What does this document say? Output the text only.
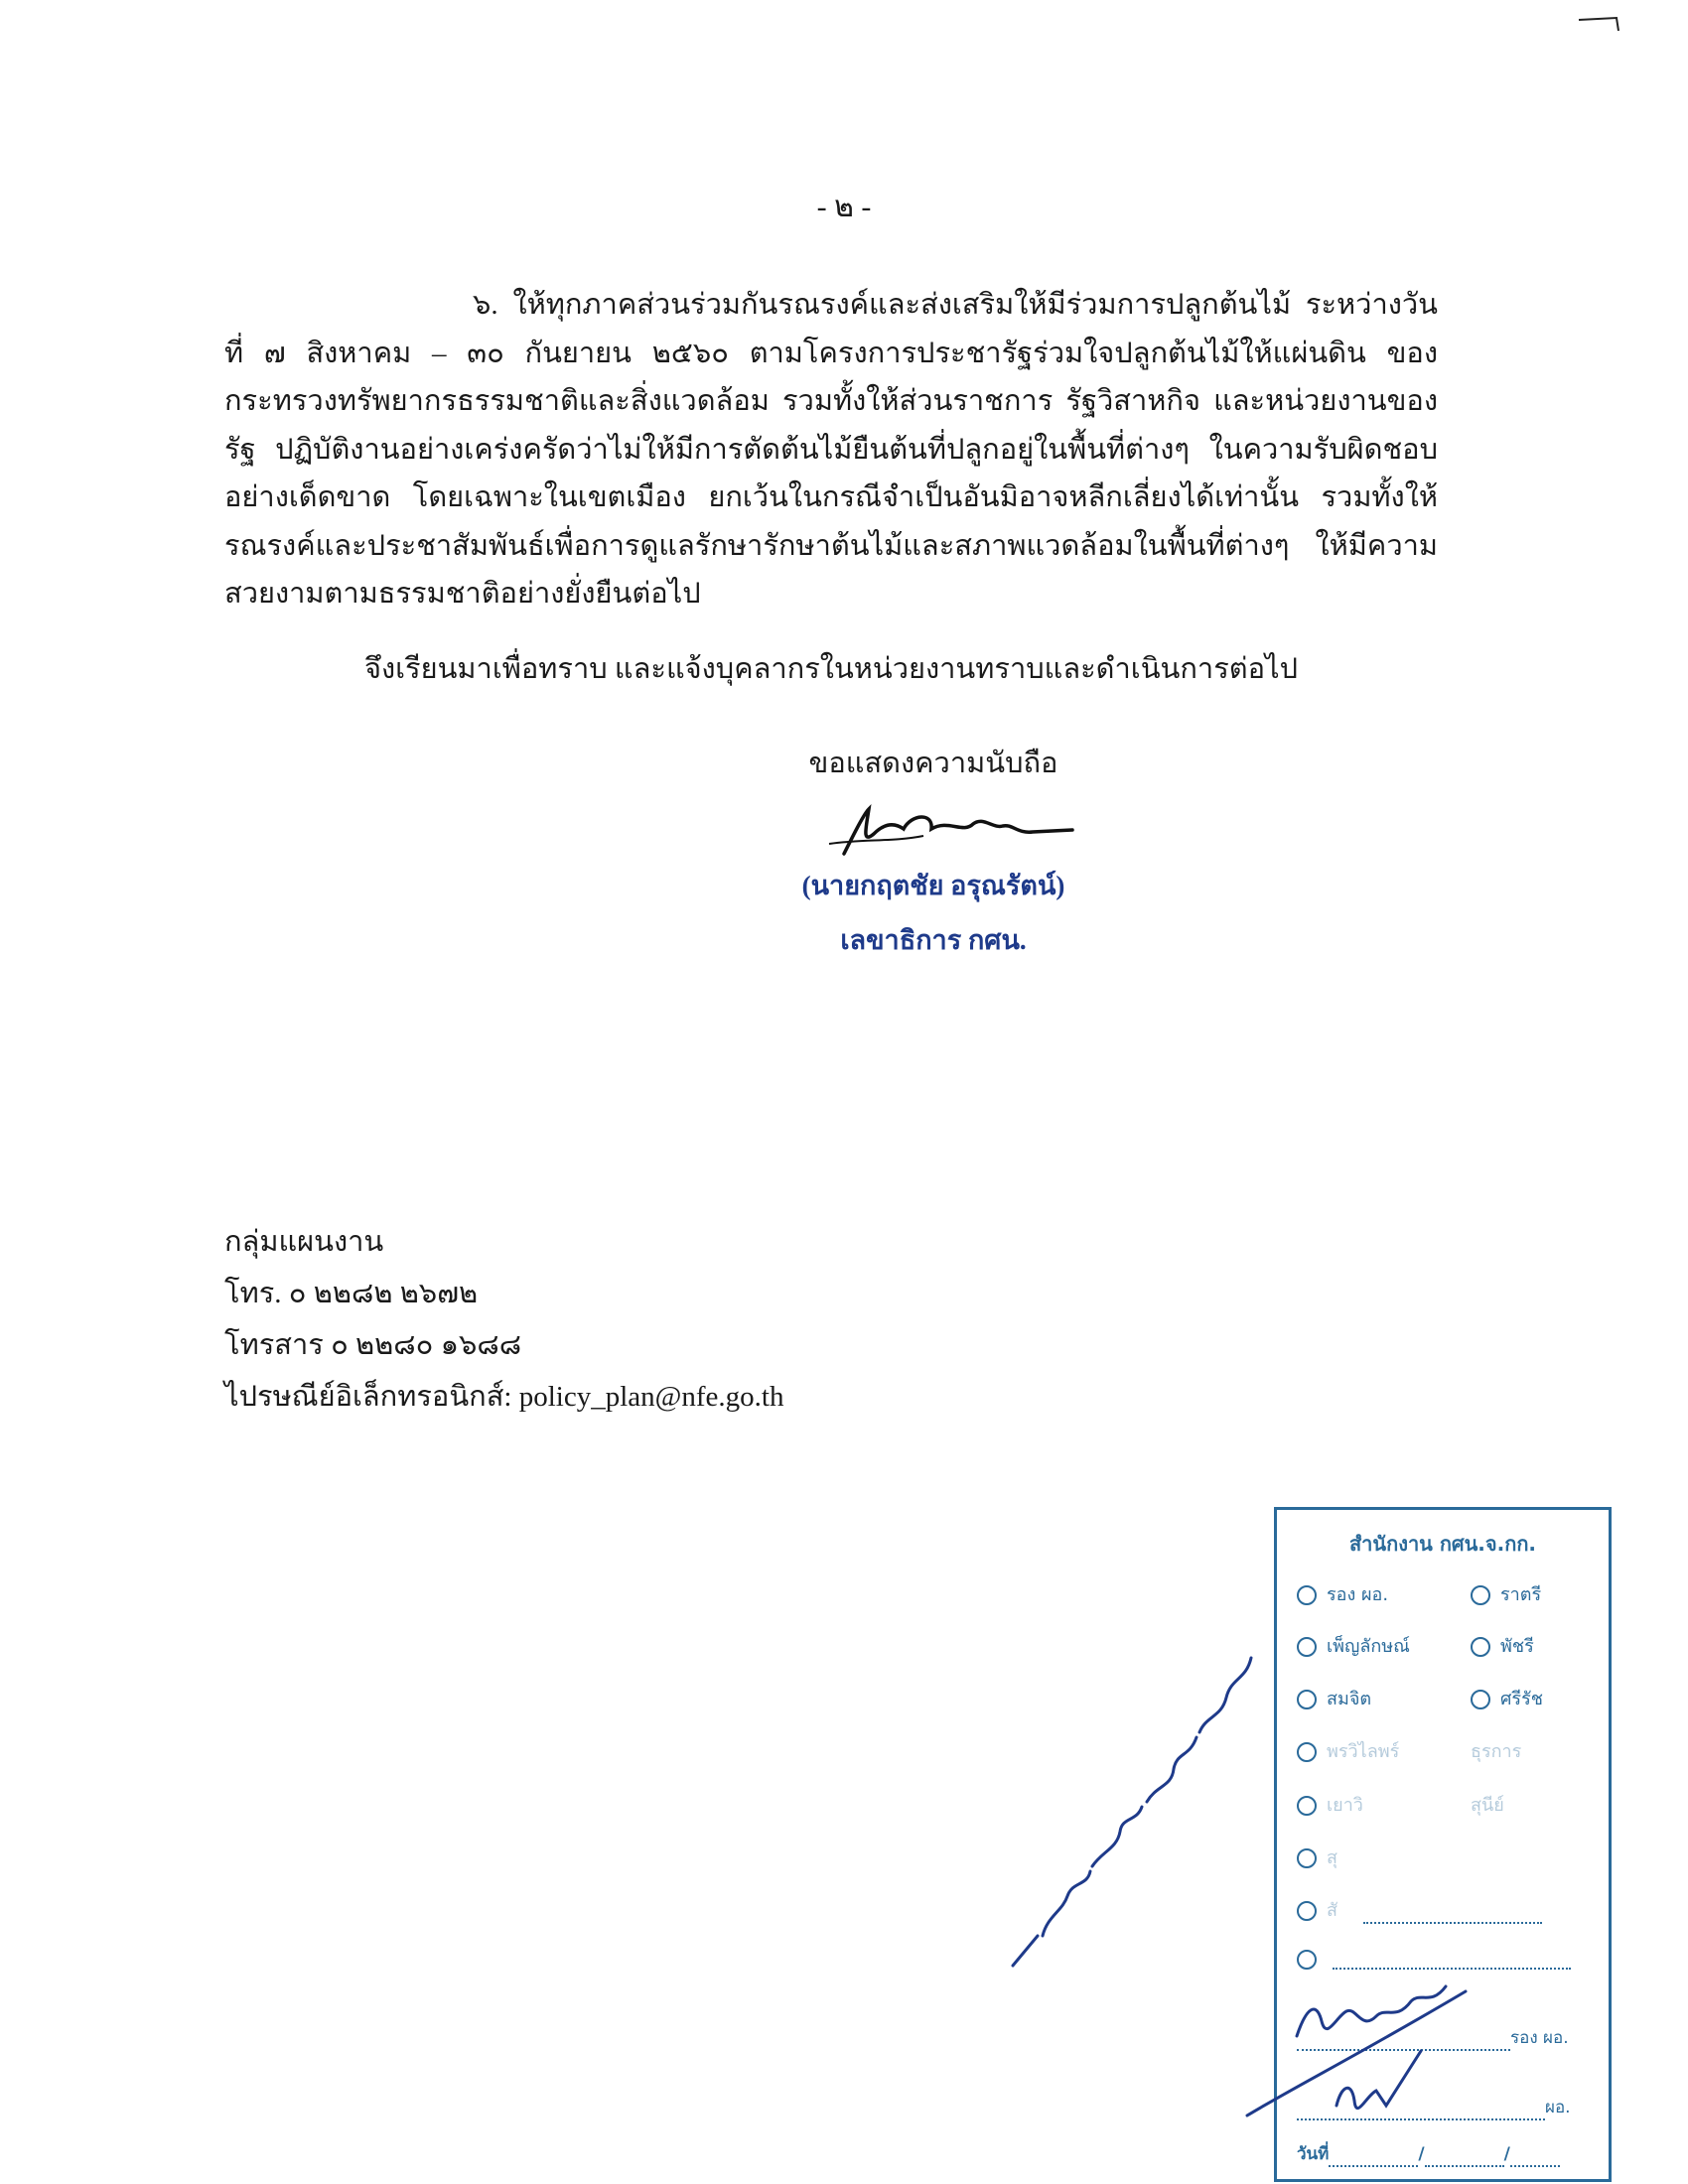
- ๒ -
๖. ให้ทุกภาคส่วนร่วมกันรณรงค์และส่งเสริมให้มีร่วมการปลูกต้นไม้ ระหว่างวันที่ ๗ สิงหาคม – ๓๐ กันยายน ๒๕๖๐ ตามโครงการประชารัฐร่วมใจปลูกต้นไม้ให้แผ่นดิน ของกระทรวงทรัพยากรธรรมชาติและสิ่งแวดล้อม รวมทั้งให้ส่วนราชการ รัฐวิสาหกิจ และหน่วยงานของรัฐ ปฏิบัติงานอย่างเคร่งครัดว่าไม่ให้มีการตัดต้นไม้ยืนต้นที่ปลูกอยู่ในพื้นที่ต่างๆ ในความรับผิดชอบอย่างเด็ดขาด โดยเฉพาะในเขตเมือง ยกเว้นในกรณีจำเป็นอันมิอาจหลีกเลี่ยงได้เท่านั้น รวมทั้งให้รณรงค์และประชาสัมพันธ์เพื่อการดูแลรักษารักษาต้นไม้และสภาพแวดล้อมในพื้นที่ต่างๆ ให้มีความสวยงามตามธรรมชาติอย่างยั่งยืนต่อไป
จึงเรียนมาเพื่อทราบ และแจ้งบุคลากรในหน่วยงานทราบและดำเนินการต่อไป
ขอแสดงความนับถือ
(นายกฤตชัย อรุณรัตน์)
เลขาธิการ กศน.
กลุ่มแผนงาน
โทร. ๐ ๒๒๘๒ ๒๖๗๒
โทรสาร ๐ ๒๒๘๐ ๑๖๘๘
ไปรษณีย์อิเล็กทรอนิกส์: policy_plan@nfe.go.th
สำนักงาน กศน.จ.กก.
รอง ผอ.	ราตรี
เพ็ญลักษณ์	พัชรี
สมจิต	ศรีรัช
พรวิไลพร์	ธุรการ
เยาวิ	สุนีย์
สุ
สั

รอง ผอ.
ผอ.
วันที่	/	/
